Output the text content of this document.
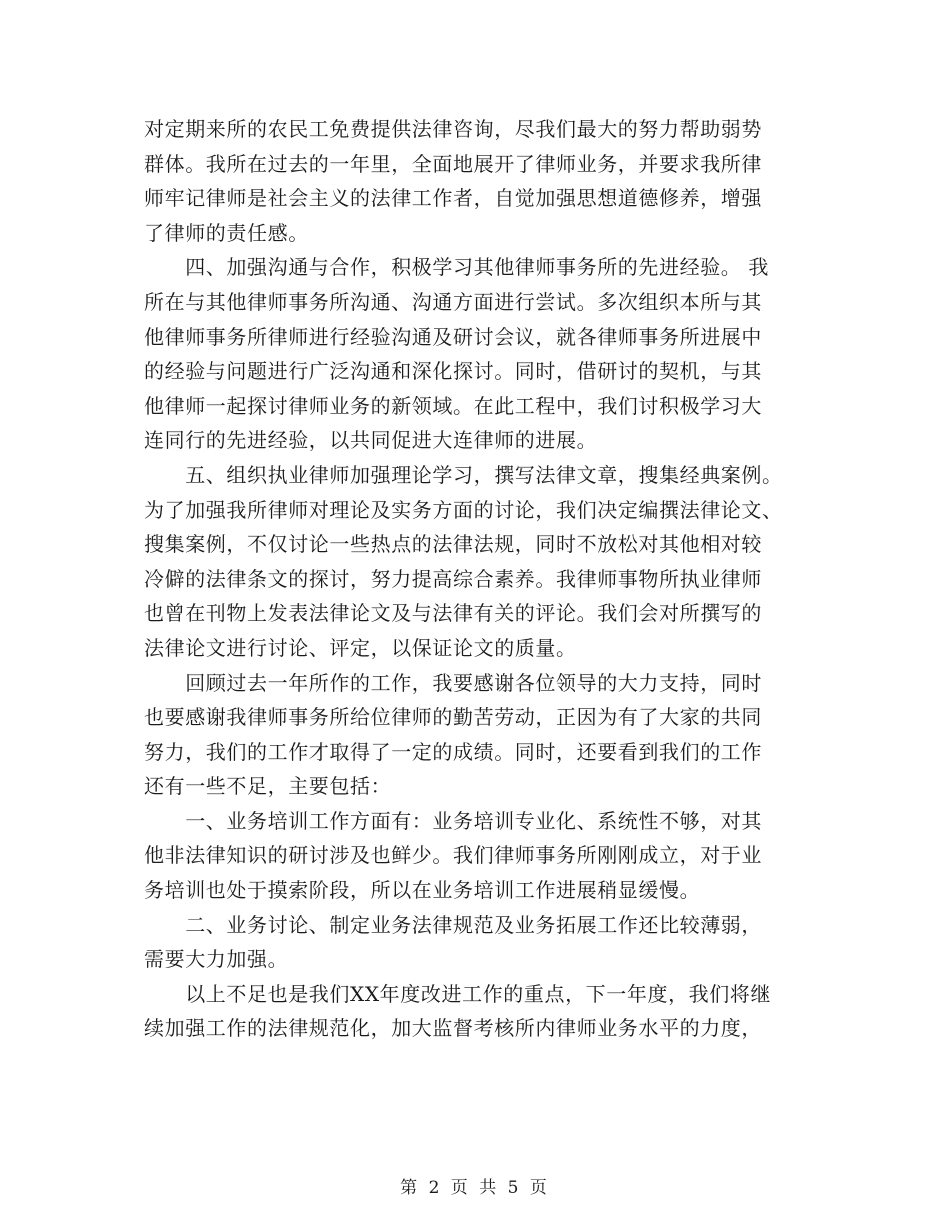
对定期来所的农民工免费提供法律咨询，尽我们最大的努力帮助弱势
群体。我所在过去的一年里，全面地展开了律师业务，并要求我所律
师牢记律师是社会主义的法律工作者，自觉加强思想道德修养，增强
了律师的责任感。
　　四、加强沟通与合作，积极学习其他律师事务所的先进经验。 我
所在与其他律师事务所沟通、沟通方面进行尝试。多次组织本所与其
他律师事务所律师进行经验沟通及研讨会议，就各律师事务所进展中
的经验与问题进行广泛沟通和深化探讨。同时，借研讨的契机，与其
他律师一起探讨律师业务的新领域。在此工程中，我们讨积极学习大
连同行的先进经验，以共同促进大连律师的进展。
　　五、组织执业律师加强理论学习，撰写法律文章，搜集经典案例。
为了加强我所律师对理论及实务方面的讨论，我们决定编撰法律论文、
搜集案例，不仅讨论一些热点的法律法规，同时不放松对其他相对较
冷僻的法律条文的探讨，努力提高综合素养。我律师事物所执业律师
也曾在刊物上发表法律论文及与法律有关的评论。我们会对所撰写的
法律论文进行讨论、评定，以保证论文的质量。
　　回顾过去一年所作的工作，我要感谢各位领导的大力支持，同时
也要感谢我律师事务所给位律师的勤苦劳动，正因为有了大家的共同
努力，我们的工作才取得了一定的成绩。同时，还要看到我们的工作
还有一些不足，主要包括：
　　一、业务培训工作方面有：业务培训专业化、系统性不够，对其
他非法律知识的研讨涉及也鲜少。我们律师事务所刚刚成立，对于业
务培训也处于摸索阶段，所以在业务培训工作进展稍显缓慢。
　　二、业务讨论、制定业务法律规范及业务拓展工作还比较薄弱，
需要大力加强。
　　以上不足也是我们XX年度改进工作的重点，下一年度，我们将继
续加强工作的法律规范化，加大监督考核所内律师业务水平的力度，
第 2 页 共 5 页
